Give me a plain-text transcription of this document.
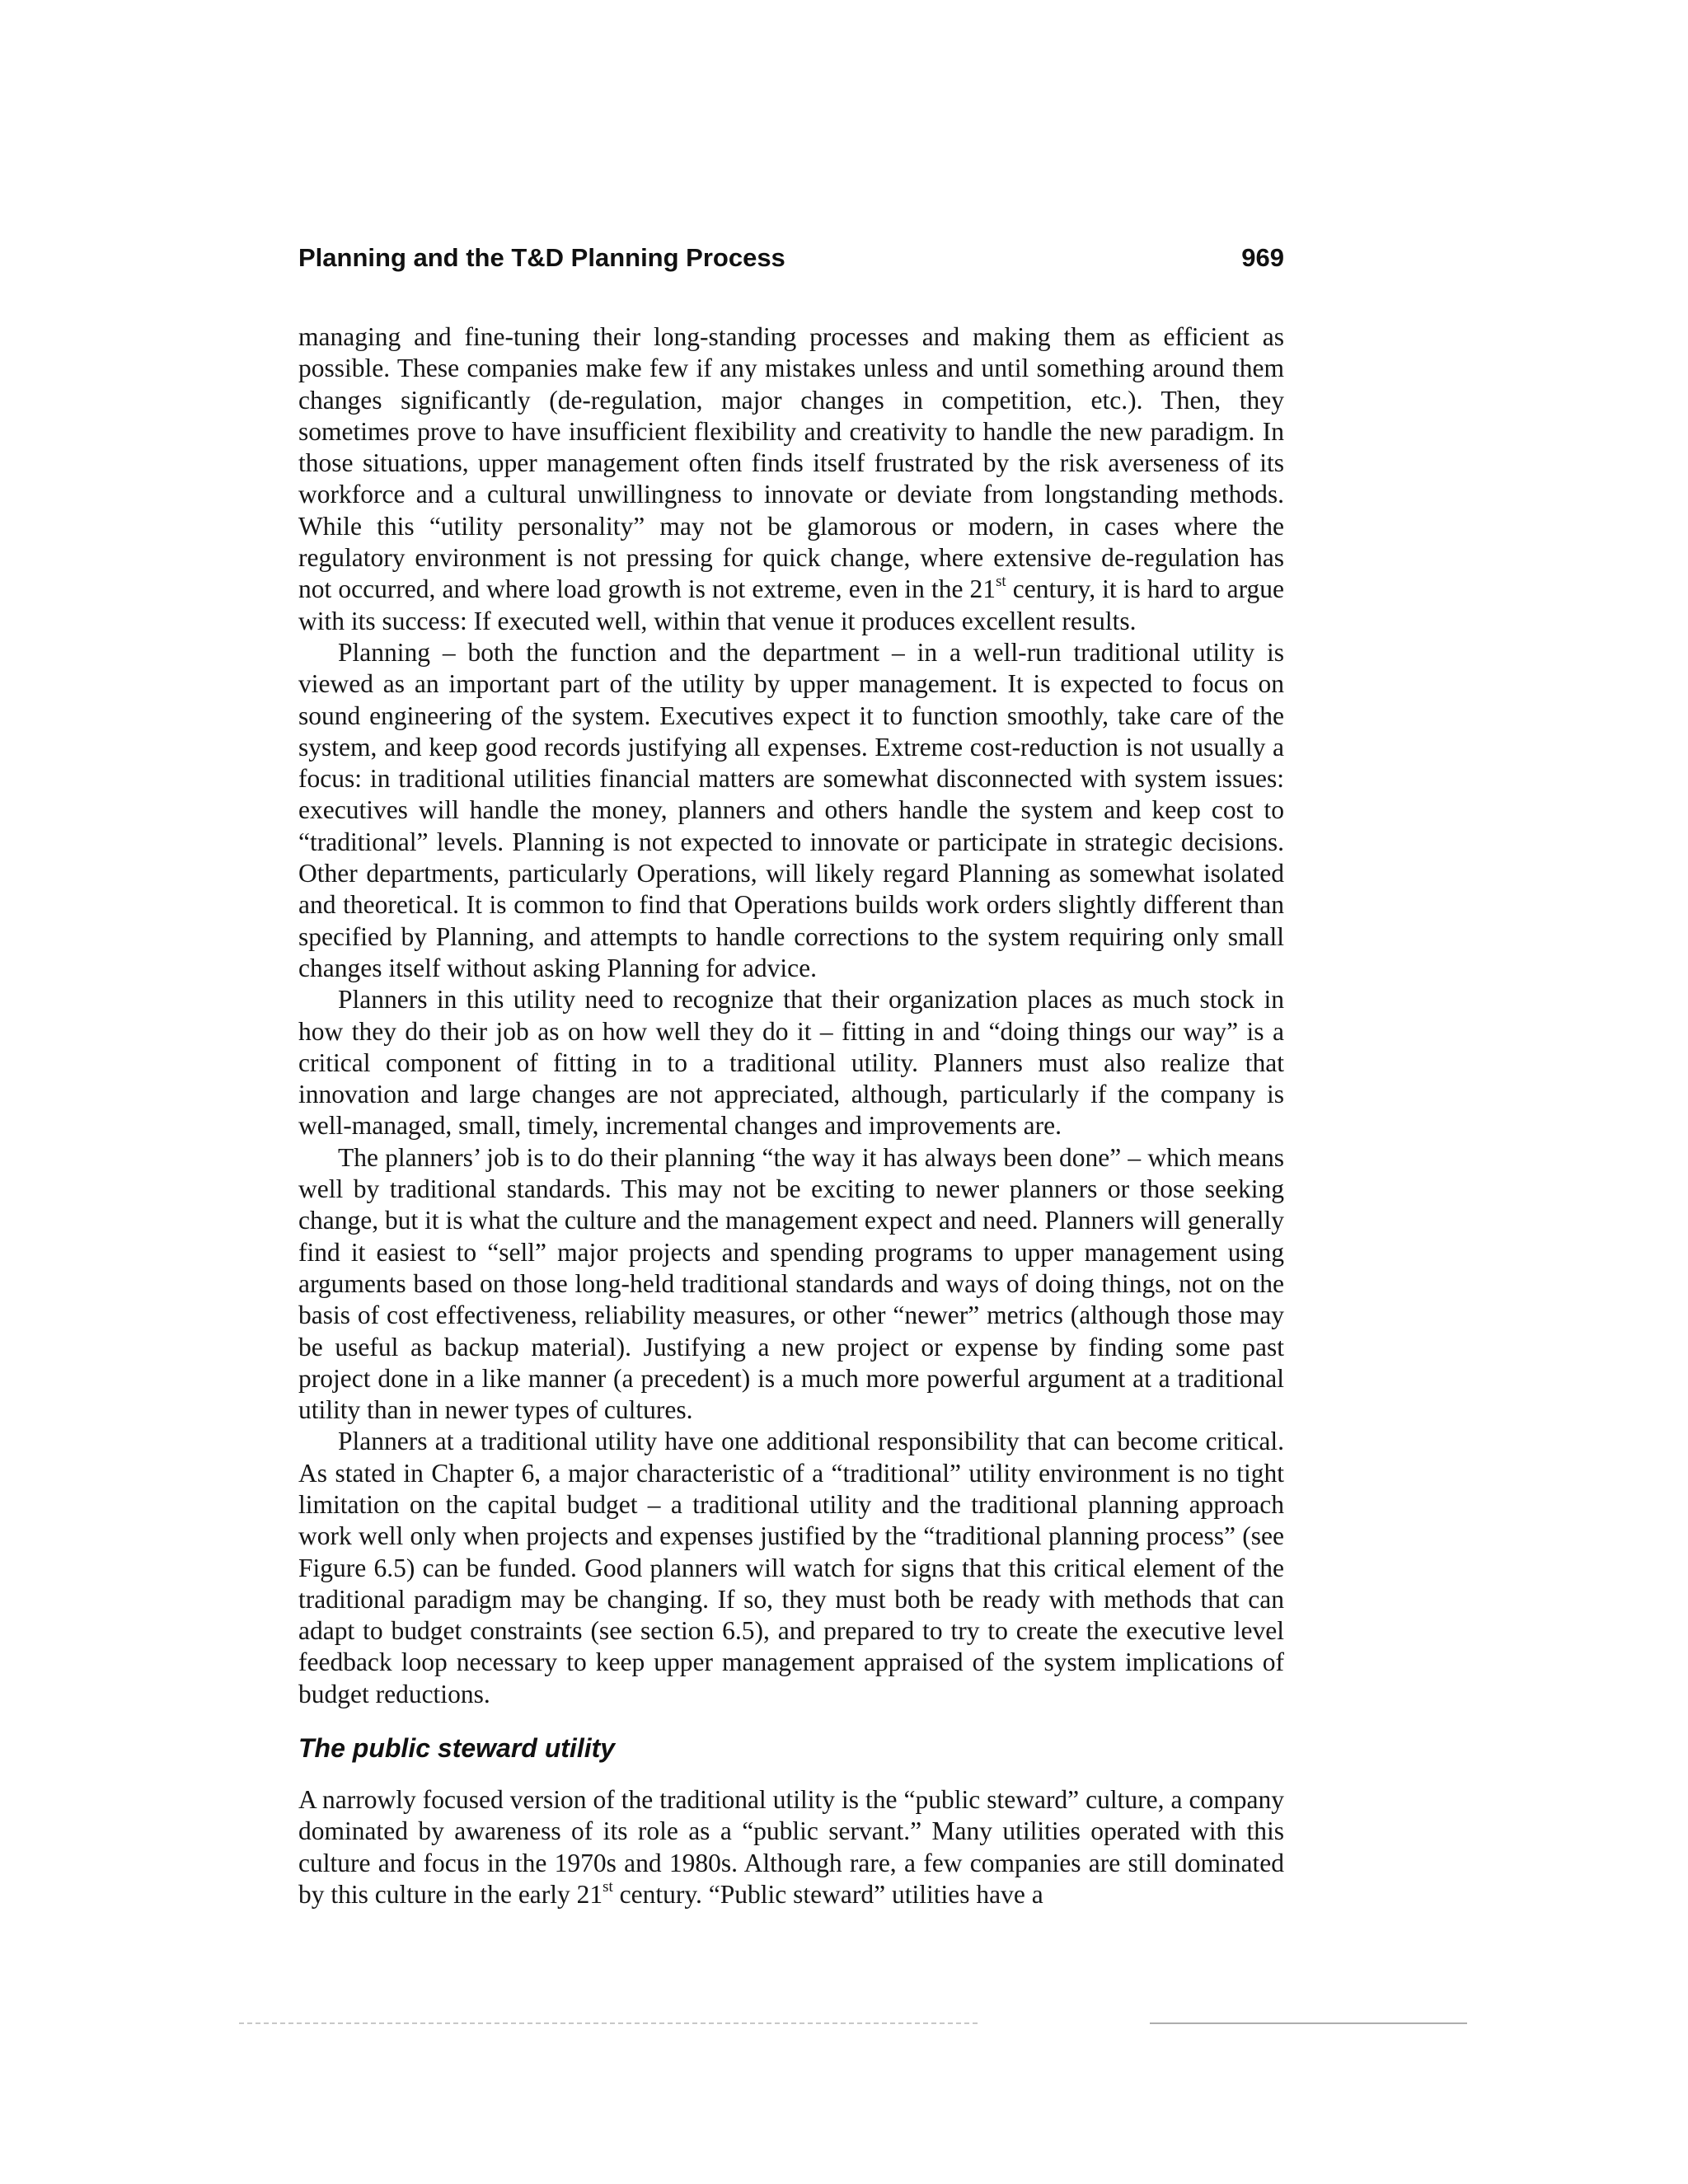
Planning and the T&D Planning Process	969

managing and fine-tuning their long-standing processes and making them as efficient as possible. These companies make few if any mistakes unless and until something around them changes significantly (de-regulation, major changes in competition, etc.). Then, they sometimes prove to have insufficient flexibility and creativity to handle the new paradigm. In those situations, upper management often finds itself frustrated by the risk averseness of its workforce and a cultural unwillingness to innovate or deviate from longstanding methods. While this “utility personality” may not be glamorous or modern, in cases where the regulatory environment is not pressing for quick change, where extensive de-regulation has not occurred, and where load growth is not extreme, even in the 21st century, it is hard to argue with its success: If executed well, within that venue it produces excellent results.

Planning – both the function and the department – in a well-run traditional utility is viewed as an important part of the utility by upper management. It is expected to focus on sound engineering of the system. Executives expect it to function smoothly, take care of the system, and keep good records justifying all expenses. Extreme cost-reduction is not usually a focus: in traditional utilities financial matters are somewhat disconnected with system issues: executives will handle the money, planners and others handle the system and keep cost to “traditional” levels. Planning is not expected to innovate or participate in strategic decisions. Other departments, particularly Operations, will likely regard Planning as somewhat isolated and theoretical. It is common to find that Operations builds work orders slightly different than specified by Planning, and attempts to handle corrections to the system requiring only small changes itself without asking Planning for advice.

Planners in this utility need to recognize that their organization places as much stock in how they do their job as on how well they do it – fitting in and “doing things our way” is a critical component of fitting in to a traditional utility. Planners must also realize that innovation and large changes are not appreciated, although, particularly if the company is well-managed, small, timely, incremental changes and improvements are.

The planners’ job is to do their planning “the way it has always been done” – which means well by traditional standards. This may not be exciting to newer planners or those seeking change, but it is what the culture and the management expect and need. Planners will generally find it easiest to “sell” major projects and spending programs to upper management using arguments based on those long-held traditional standards and ways of doing things, not on the basis of cost effectiveness, reliability measures, or other “newer” metrics (although those may be useful as backup material). Justifying a new project or expense by finding some past project done in a like manner (a precedent) is a much more powerful argument at a traditional utility than in newer types of cultures.

Planners at a traditional utility have one additional responsibility that can become critical. As stated in Chapter 6, a major characteristic of a “traditional” utility environment is no tight limitation on the capital budget – a traditional utility and the traditional planning approach work well only when projects and expenses justified by the “traditional planning process” (see Figure 6.5) can be funded. Good planners will watch for signs that this critical element of the traditional paradigm may be changing. If so, they must both be ready with methods that can adapt to budget constraints (see section 6.5), and prepared to try to create the executive level feedback loop necessary to keep upper management appraised of the system implications of budget reductions.

The public steward utility

A narrowly focused version of the traditional utility is the “public steward” culture, a company dominated by awareness of its role as a “public servant.” Many utilities operated with this culture and focus in the 1970s and 1980s. Although rare, a few companies are still dominated by this culture in the early 21st century. “Public steward” utilities have a
